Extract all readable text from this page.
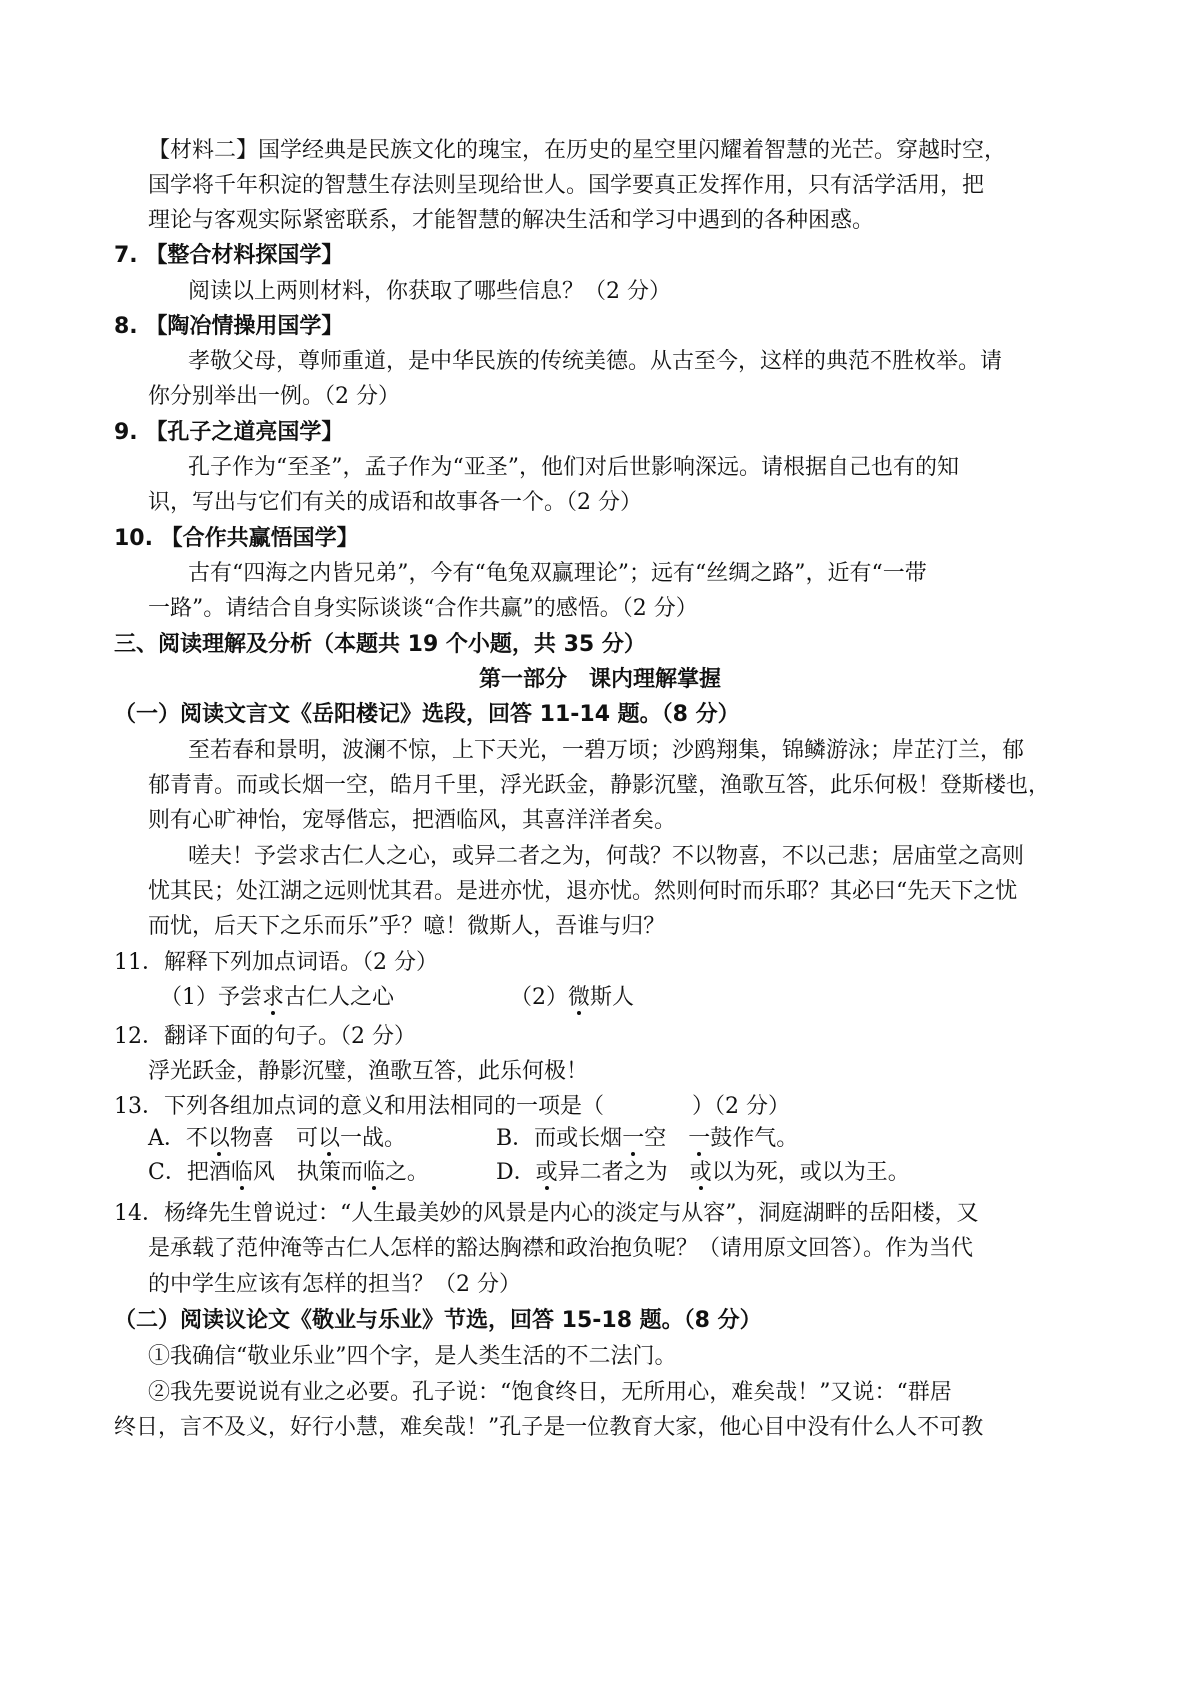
【材料二】国学经典是民族文化的瑰宝，在历史的星空里闪耀着智慧的光芒。穿越时空，

国学将千年积淀的智慧生存法则呈现给世人。国学要真正发挥作用，只有活学活用，把

理论与客观实际紧密联系，才能智慧的解决生活和学习中遇到的各种困惑。

7. 【整合材料探国学】

阅读以上两则材料，你获取了哪些信息？（2 分）

8. 【陶冶情操用国学】

孝敬父母，尊师重道，是中华民族的传统美德。从古至今，这样的典范不胜枚举。请

你分别举出一例。（2 分）

9. 【孔子之道亮国学】

孔子作为“至圣”，孟子作为“亚圣”，他们对后世影响深远。请根据自己也有的知

识，写出与它们有关的成语和故事各一个。（2 分）

10. 【合作共赢悟国学】

古有“四海之内皆兄弟”，今有“龟兔双赢理论”；远有“丝绸之路”，近有“一带

一路”。请结合自身实际谈谈“合作共赢”的感悟。（2 分）

三、阅读理解及分析（本题共 19 个小题，共 35 分）

第一部分　课内理解掌握

（一）阅读文言文《岳阳楼记》选段，回答 11-14 题。（8 分）

至若春和景明，波澜不惊，上下天光，一碧万顷；沙鸥翔集，锦鳞游泳；岸芷汀兰，郁

郁青青。而或长烟一空，皓月千里，浮光跃金，静影沉璧，渔歌互答，此乐何极！登斯楼也，

则有心旷神怡，宠辱偕忘，把酒临风，其喜洋洋者矣。

嗟夫！予尝求古仁人之心，或异二者之为，何哉？不以物喜，不以己悲；居庙堂之高则

忧其民；处江湖之远则忧其君。是进亦忧，退亦忧。然则何时而乐耶？其必曰“先天下之忧

而忧，后天下之乐而乐”乎？噫！微斯人，吾谁与归？

11．解释下列加点词语。（2 分）

（1）予尝求古仁人之心	（2）微斯人

12．翻译下面的句子。（2 分）

浮光跃金，静影沉璧，渔歌互答，此乐何极！

13．下列各组加点词的意义和用法相同的一项是（　　　　）（2 分）

A．不以物喜 可以一战。	B．而或长烟一空 一鼓作气。

C．把酒临风 执策而临之。	D．或异二者之为 或以为死，或以为王。

14．杨绛先生曾说过：“人生最美妙的风景是内心的淡定与从容”，洞庭湖畔的岳阳楼，又

是承载了范仲淹等古仁人怎样的豁达胸襟和政治抱负呢？（请用原文回答）。作为当代

的中学生应该有怎样的担当？（2 分）

（二）阅读议论文《敬业与乐业》节选，回答 15-18 题。（8 分）

①我确信“敬业乐业”四个字，是人类生活的不二法门。

②我先要说说有业之必要。孔子说：“饱食终日，无所用心，难矣哉！”又说：“群居

终日，言不及义，好行小慧，难矣哉！”孔子是一位教育大家，他心目中没有什么人不可教
